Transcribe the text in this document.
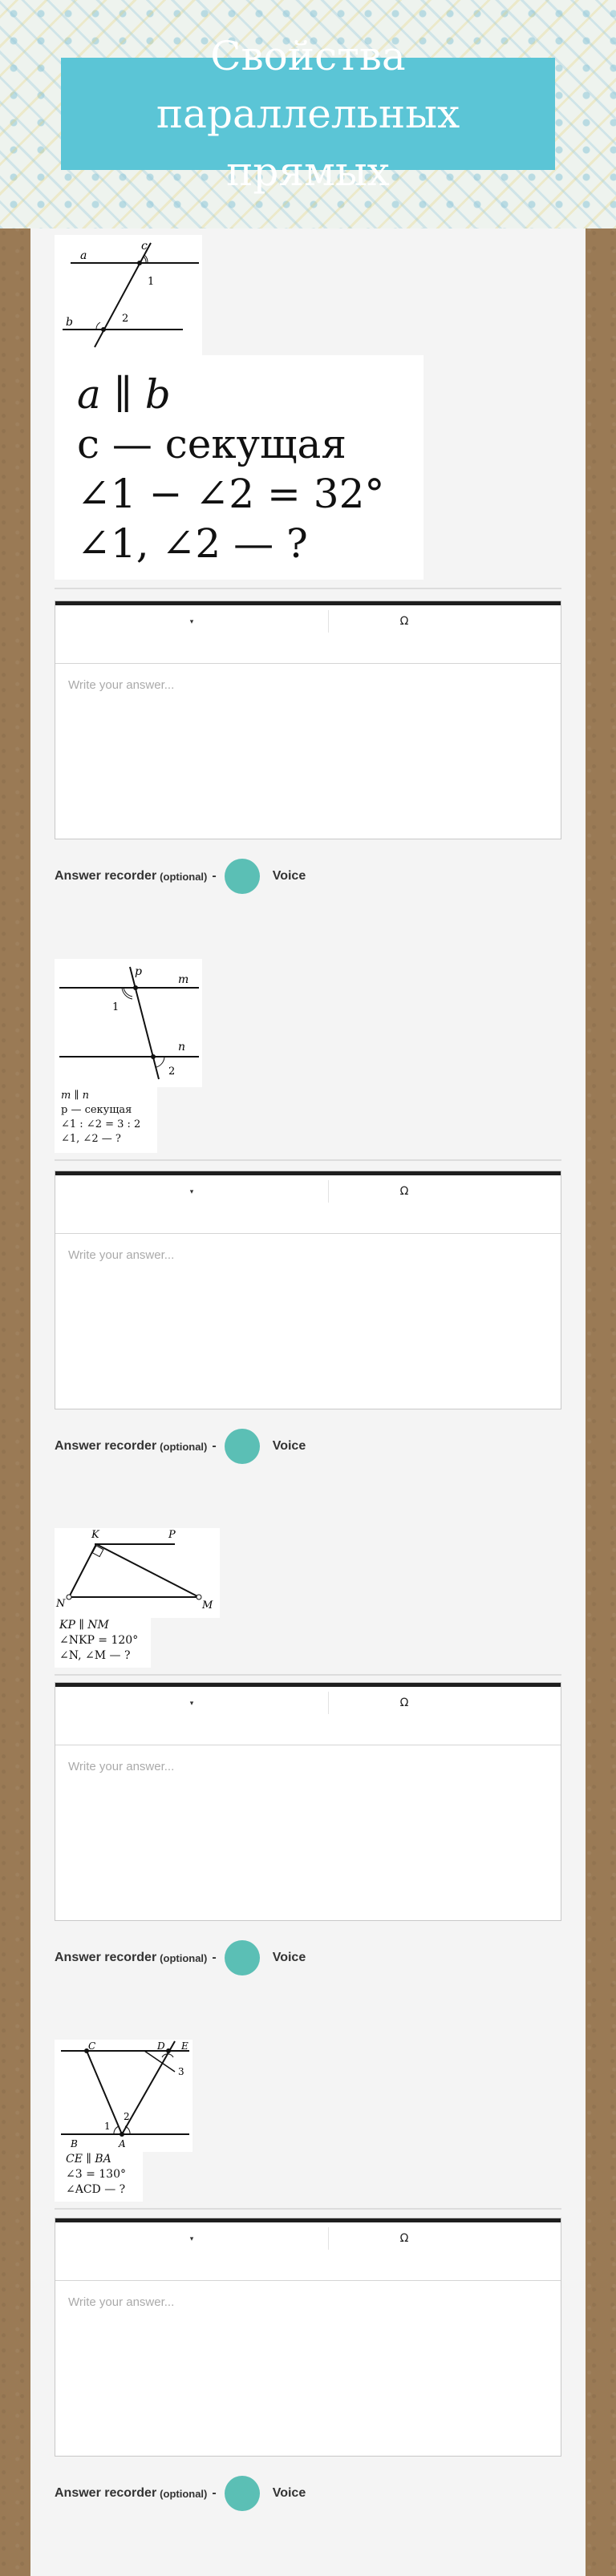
Свойства параллельных прямых
c
a
1
b	2
a ∥ b
c — секущая
∠1 − ∠2 = 32°
∠1, ∠2 — ?
▾	Ω
Write your answer...
Answer recorder (optional) -	Voice
p
m
1
n
2
m ∥ n
p — секущая
∠1 : ∠2 = 3 : 2
∠1, ∠2 — ?
▾	Ω
Write your answer...
Answer recorder (optional) -	Voice
K	P
N	M
KP ∥ NM
∠NKP = 120°
∠N, ∠M — ?
▾	Ω
Write your answer...
Answer recorder (optional) -	Voice
C	D E
3
2
1
B	A
CE ∥ BA
∠3 = 130°
∠ACD — ?
▾	Ω
Write your answer...
Answer recorder (optional) -	Voice
